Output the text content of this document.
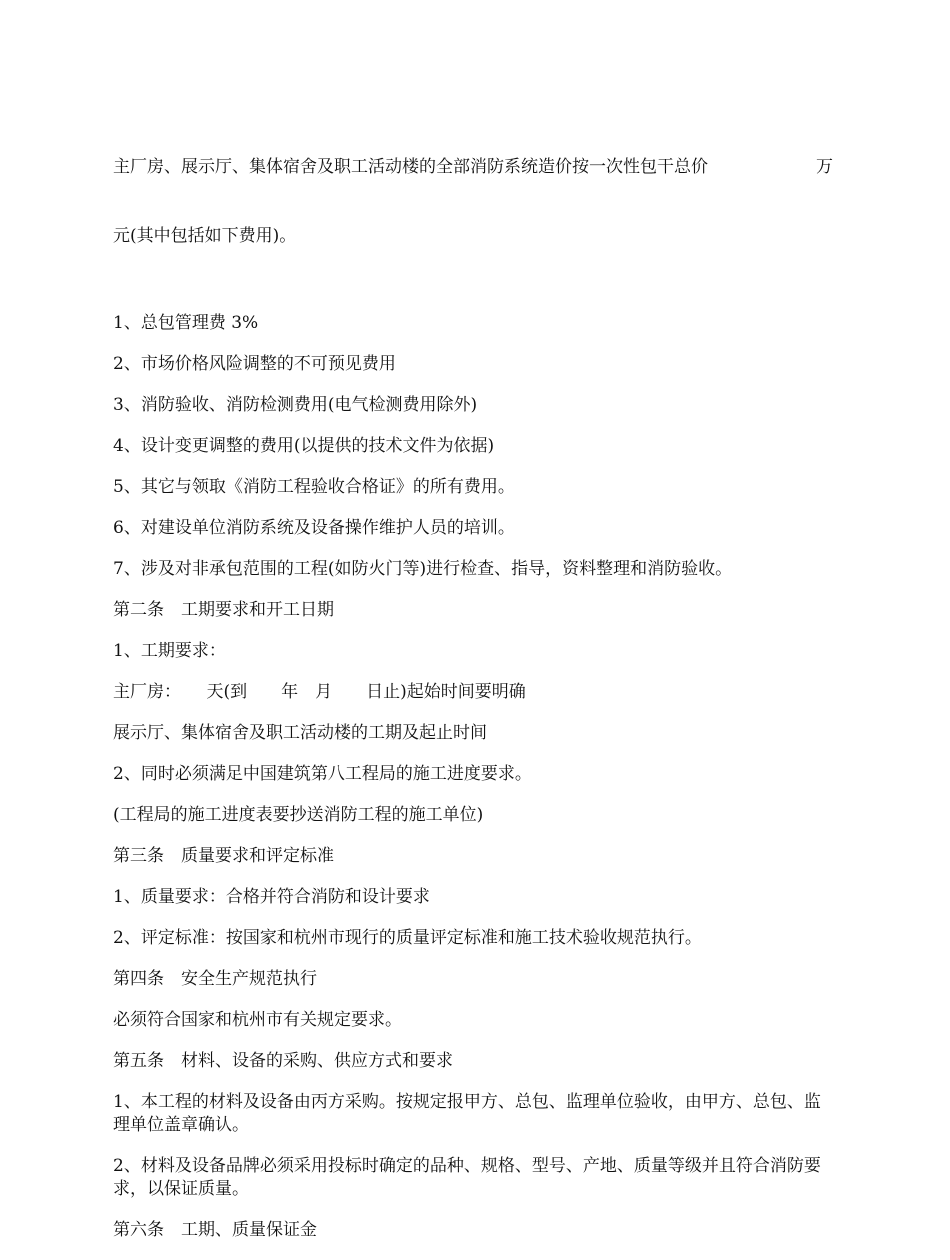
主厂房、展示厅、集体宿舍及职工活动楼的全部消防系统造价按一次性包干总价	万

元(其中包括如下费用)。

1、总包管理费 3%

2、市场价格风险调整的不可预见费用

3、消防验收、消防检测费用(电气检测费用除外)

4、设计变更调整的费用(以提供的技术文件为依据)

5、其它与领取《消防工程验收合格证》的所有费用。

6、对建设单位消防系统及设备操作维护人员的培训。

7、涉及对非承包范围的工程(如防火门等)进行检查、指导，资料整理和消防验收。

第二条　工期要求和开工日期

1、工期要求：

主厂房：　　天(到　　年　月　　日止)起始时间要明确

展示厅、集体宿舍及职工活动楼的工期及起止时间

2、同时必须满足中国建筑第八工程局的施工进度要求。

(工程局的施工进度表要抄送消防工程的施工单位)

第三条　质量要求和评定标准

1、质量要求：合格并符合消防和设计要求

2、评定标准：按国家和杭州市现行的质量评定标准和施工技术验收规范执行。

第四条　安全生产规范执行

必须符合国家和杭州市有关规定要求。

第五条　材料、设备的采购、供应方式和要求

1、本工程的材料及设备由丙方采购。按规定报甲方、总包、监理单位验收，由甲方、总包、监理单位盖章确认。

2、材料及设备品牌必须采用投标时确定的品种、规格、型号、产地、质量等级并且符合消防要求，以保证质量。

第六条　工期、质量保证金
